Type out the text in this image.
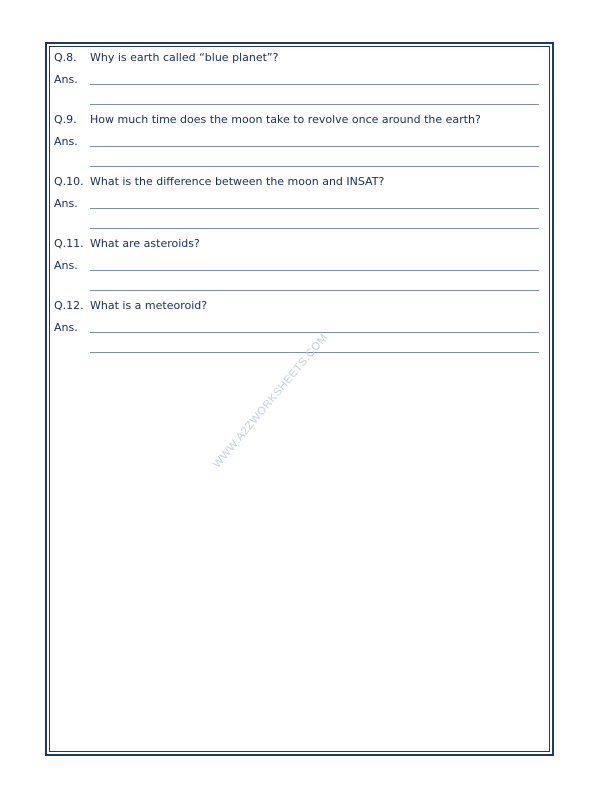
Q.8. Why is earth called “blue planet”?
Ans.
Q.9. How much time does the moon take to revolve once around the earth?
Ans.
Q.10. What is the difference between the moon and INSAT?
Ans.
Q.11. What are asteroids?
Ans.
Q.12. What is a meteoroid?
Ans.
WWW.A2ZWORKSHEETS.COM
